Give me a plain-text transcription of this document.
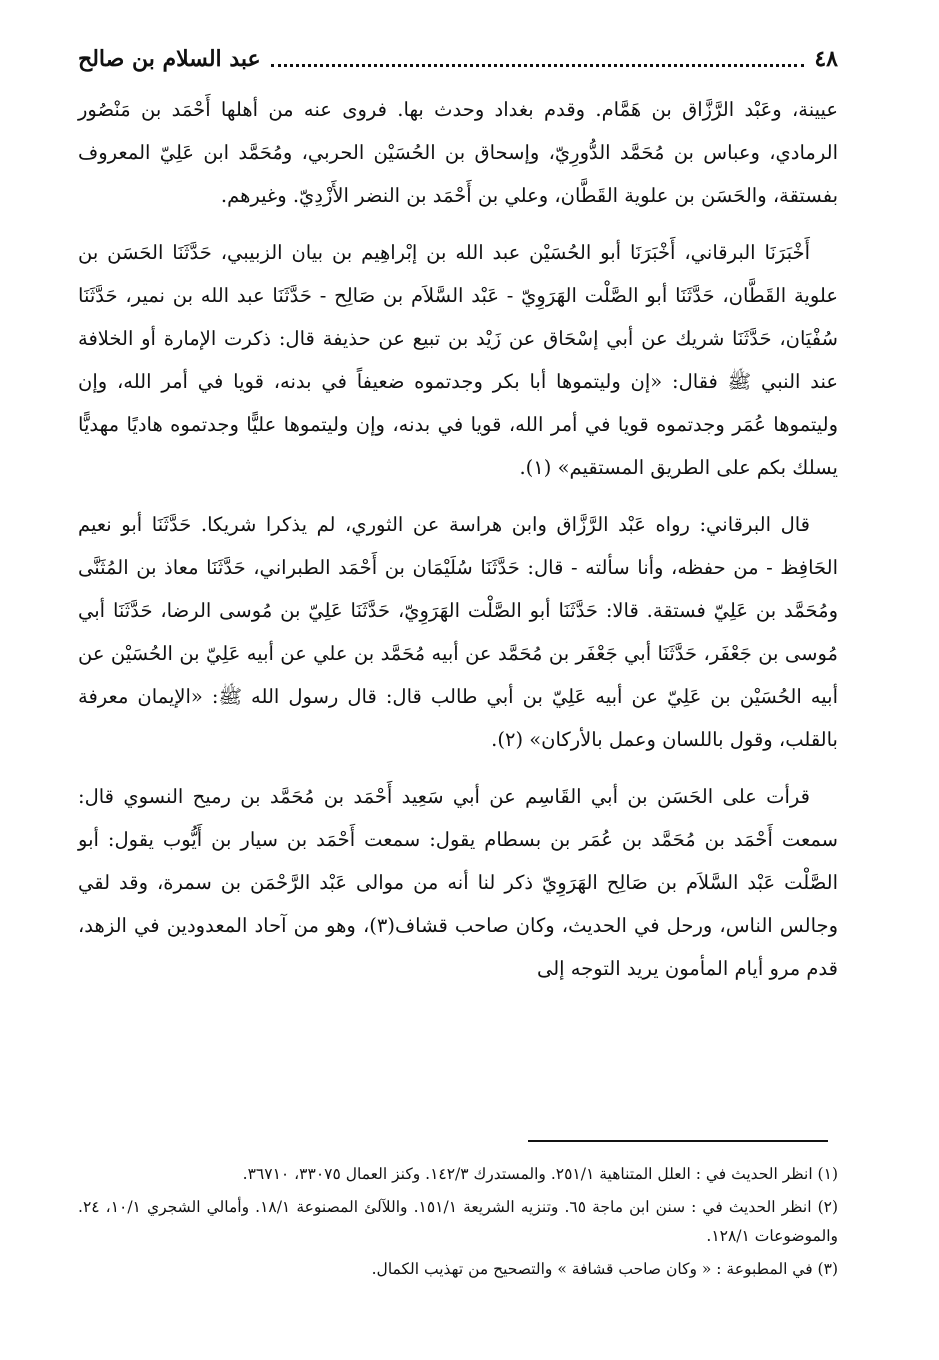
٤٨
عبد السلام بن صالح

عيينة، وعَبْد الرَّزَّاق بن هَمَّام. وقدم بغداد وحدث بها. فروى عنه من أهلها أَحْمَد بن مَنْصُور الرمادي، وعباس بن مُحَمَّد الدُّورِيّ، وإسحاق بن الحُسَيْن الحربي، ومُحَمَّد ابن عَلِيّ المعروف بفستقة، والحَسَن بن علوية القَطَّان، وعلي بن أَحْمَد بن النضر الأَزْدِيّ. وغيرهم.

أَخْبَرَنَا البرقاني، أَخْبَرَنَا أبو الحُسَيْن عبد الله بن إبْراهِيم بن بيان الزبيبي، حَدَّثَنَا الحَسَن بن علوية القَطَّان، حَدَّثَنَا أبو الصَّلْت الهَرَوِيّ - عَبْد السَّلاَم بن صَالِح - حَدَّثَنَا عبد الله بن نمير، حَدَّثَنَا سُفْيَان، حَدَّثَنَا شريك عن أبي إسْحَاق عن زَيْد بن تبيع عن حذيفة قال: ذكرت الإمارة أو الخلافة عند النبي ﷺ فقال: «إن وليتموها أبا بكر وجدتموه ضعيفاً في بدنه، قويا في أمر الله، وإن وليتموها عُمَر وجدتموه قويا في أمر الله، قويا في بدنه، وإن وليتموها عليًّا وجدتموه هاديًا مهديًّا يسلك بكم على الطريق المستقيم» (١).

قال البرقاني: رواه عَبْد الرَّزَّاق وابن هراسة عن الثوري، لم يذكرا شريكا. حَدَّثَنَا أبو نعيم الحَافِظ - من حفظه، وأنا سألته - قال: حَدَّثَنَا سُلَيْمَان بن أَحْمَد الطبراني، حَدَّثَنَا معاذ بن المُثَنَّى ومُحَمَّد بن عَلِيّ فستقة. قالا: حَدَّثَنَا أبو الصَّلْت الهَرَوِيّ، حَدَّثَنَا عَلِيّ بن مُوسى الرضا، حَدَّثَنَا أبي مُوسى بن جَعْفَر، حَدَّثَنَا أبي جَعْفَر بن مُحَمَّد عن أبيه مُحَمَّد بن علي عن أبيه عَلِيّ بن الحُسَيْن عن أبيه الحُسَيْن بن عَلِيّ عن أبيه عَلِيّ بن أبي طالب قال: قال رسول الله ﷺ: «الإيمان معرفة بالقلب، وقول باللسان وعمل بالأركان» (٢).

قرأت على الحَسَن بن أبي القَاسِم عن أبي سَعِيد أَحْمَد بن مُحَمَّد بن رميح النسوي قال: سمعت أَحْمَد بن مُحَمَّد بن عُمَر بن بسطام يقول: سمعت أَحْمَد بن سيار بن أَيُّوب يقول: أبو الصَّلْت عَبْد السَّلاَم بن صَالِح الهَرَوِيّ ذكر لنا أنه من موالى عَبْد الرَّحْمَن بن سمرة، وقد لقي وجالس الناس، ورحل في الحديث، وكان صاحب قشاف(٣)، وهو من آحاد المعدودين في الزهد، قدم مرو أيام المأمون يريد التوجه إلى

(١) انظر الحديث في : العلل المتناهية ٢٥١/١. والمستدرك ١٤٢/٣. وكنز العمال ٣٣٠٧٥، ٣٦٧١٠.

(٢) انظر الحديث في : سنن ابن ماجة ٦٥. وتنزيه الشريعة ١٥١/١. واللآلئ المصنوعة ١٨/١. وأمالي الشجري ١٠/١، ٢٤. والموضوعات ١٢٨/١.

(٣) في المطبوعة : « وكان صاحب قشافة » والتصحيح من تهذيب الكمال.
